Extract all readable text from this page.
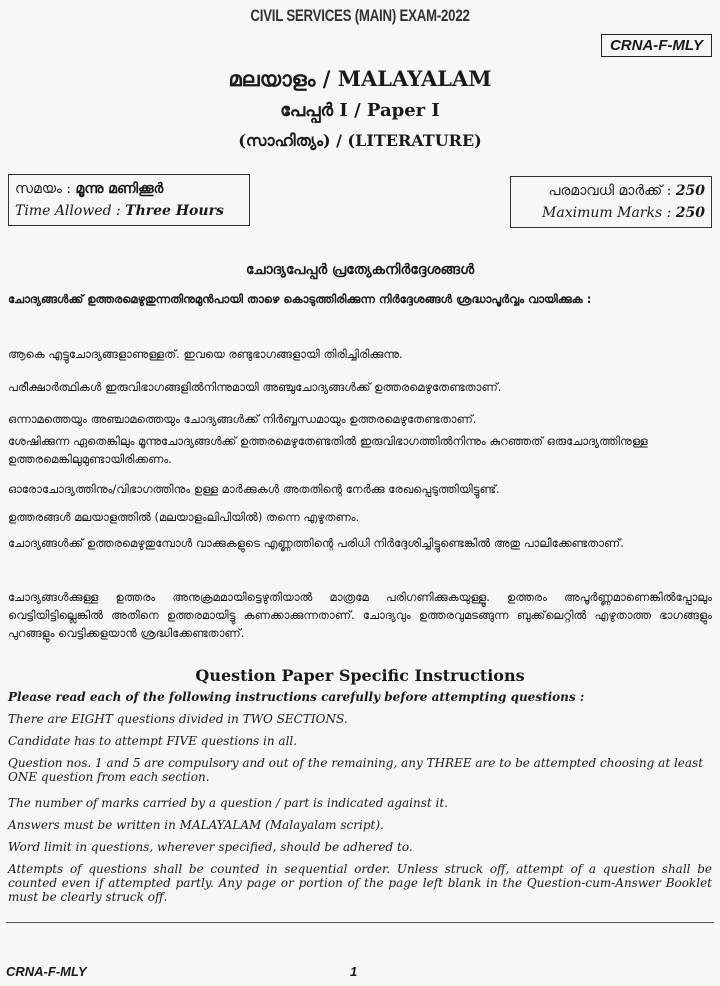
CIVIL SERVICES (MAIN) EXAM-2022
CRNA-F-MLY
മലയാളം / MALAYALAM
പേപ്പർ I / Paper I
(സാഹിത്യം) / (LITERATURE)
സമയം : മൂന്നു മണിക്കൂർ
Time Allowed : Three Hours
പരമാവധി മാർക്ക് : 250
Maximum Marks : 250
ചോദ്യപേപ്പർ പ്രത്യേകനിർദ്ദേശങ്ങൾ
ചോദ്യങ്ങൾക്ക് ഉത്തരമെഴുതുന്നതിനുമുൻപായി താഴെ കൊടുത്തിരിക്കുന്ന നിർദ്ദേശങ്ങൾ ശ്രദ്ധാപൂർവ്വം വായിക്കുക :
ആകെ എട്ടുചോദ്യങ്ങളാണുള്ളത്. ഇവയെ രണ്ടുഭാഗങ്ങളായി തിരിച്ചിരിക്കുന്നു.
പരീക്ഷാർത്ഥികൾ ഇരുവിഭാഗങ്ങളിൽനിന്നുമായി അഞ്ചുചോദ്യങ്ങൾക്ക് ഉത്തരമെഴുതേണ്ടതാണ്.
ഒന്നാമത്തെയും അഞ്ചാമത്തെയും ചോദ്യങ്ങൾക്ക് നിർബ്ബന്ധമായും ഉത്തരമെഴുതേണ്ടതാണ്.
ശേഷിക്കുന്ന ഏതെങ്കിലും മൂന്നുചോദ്യങ്ങൾക്ക് ഉത്തരമെഴുതേണ്ടതിൽ ഇരുവിഭാഗത്തിൽനിന്നും കുറഞ്ഞത് ഒരുചോദ്യത്തിനുള്ള ഉത്തരമെങ്കിലുമുണ്ടായിരിക്കണം.
ഓരോചോദ്യത്തിനും/വിഭാഗത്തിനും ഉള്ള മാർക്കുകൾ അതതിന്റെ നേർക്കു രേഖപ്പെടുത്തിയിട്ടുണ്ട്.
ഉത്തരങ്ങൾ മലയാളത്തിൽ (മലയാളംലിപിയിൽ) തന്നെ എഴുതണം.
ചോദ്യങ്ങൾക്ക് ഉത്തരമെഴുതുമ്പോൾ വാക്കുകളുടെ എണ്ണത്തിന്റെ പരിധി നിർദ്ദേശിച്ചിട്ടുണ്ടെങ്കിൽ അതു പാലിക്കേണ്ടതാണ്.
ചോദ്യങ്ങൾക്കുള്ള ഉത്തരം അനുക്രമമായിട്ടെഴുതിയാൽ മാത്രമേ പരിഗണിക്കുകയുള്ളൂ. ഉത്തരം അപൂർണ്ണമാണെങ്കിൽപ്പോലും വെട്ടിയിട്ടില്ലെങ്കിൽ അതിനെ ഉത്തരമായിട്ടു കണക്കാക്കുന്നതാണ്. ചോദ്യവും ഉത്തരവുമടങ്ങുന്ന ബുക്ക്‌ലെറ്റിൽ എഴുതാത്ത ഭാഗങ്ങളും പുറങ്ങളും വെട്ടിക്കളയാൻ ശ്രദ്ധിക്കേണ്ടതാണ്.
Question Paper Specific Instructions
Please read each of the following instructions carefully before attempting questions :
There are EIGHT questions divided in TWO SECTIONS.
Candidate has to attempt FIVE questions in all.
Question nos. 1 and 5 are compulsory and out of the remaining, any THREE are to be attempted choosing at least ONE question from each section.
The number of marks carried by a question / part is indicated against it.
Answers must be written in MALAYALAM (Malayalam script).
Word limit in questions, wherever specified, should be adhered to.
Attempts of questions shall be counted in sequential order. Unless struck off, attempt of a question shall be counted even if attempted partly. Any page or portion of the page left blank in the Question-cum-Answer Booklet must be clearly struck off.
CRNA-F-MLY	1
